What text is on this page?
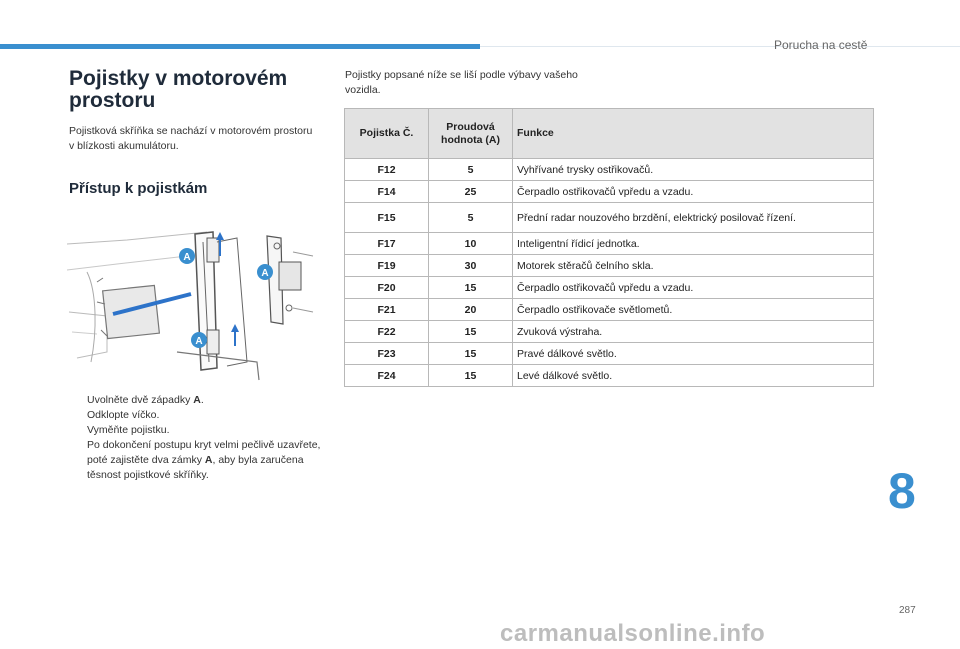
Porucha na cestě
Pojistky v motorovém prostoru
Pojistková skříňka se nachází v motorovém prostoru v blízkosti akumulátoru.
Přístup k pojistkám
A
A
A
Uvolněte dvě západky A.
Odklopte víčko.
Vyměňte pojistku.
Po dokončení postupu kryt velmi pečlivě uzavřete, poté zajistěte dva zámky A, aby byla zaručena těsnost pojistkové skříňky.
Pojistky popsané níže se liší podle výbavy vašeho vozidla.
Pojistka Č.	Proudová hodnota (A)	Funkce
F12	5	Vyhřívané trysky ostřikovačů.
F14	25	Čerpadlo ostřikovačů vpředu a vzadu.
F15	5	Přední radar nouzového brzdění, elektrický posilovač řízení.
F17	10	Inteligentní řídicí jednotka.
F19	30	Motorek stěračů čelního skla.
F20	15	Čerpadlo ostřikovačů vpředu a vzadu.
F21	20	Čerpadlo ostřikovače světlometů.
F22	15	Zvuková výstraha.
F23	15	Pravé dálkové světlo.
F24	15	Levé dálkové světlo.
8
287
carmanualsonline.info
